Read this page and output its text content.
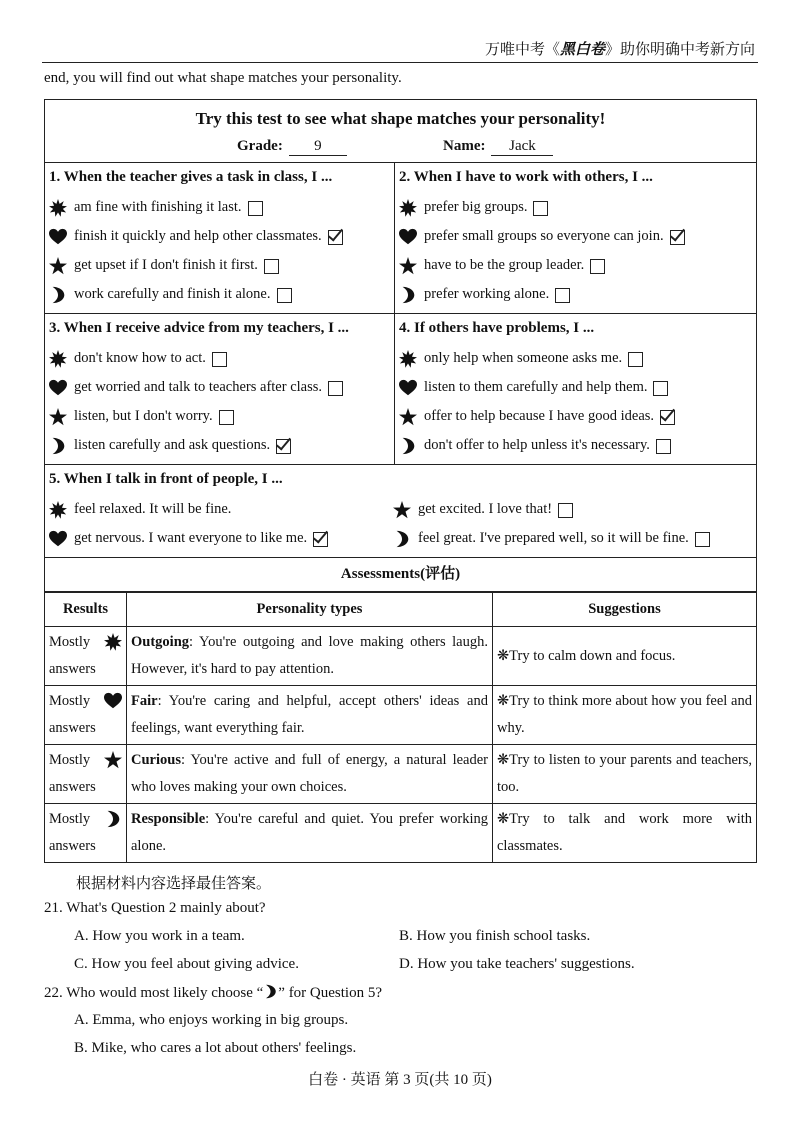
万唯中考《黑白卷》助你明确中考新方向
end, you will find out what shape matches your personality.
Try this test to see what shape matches your personality!
Grade: 9	Name: Jack
1. When the teacher gives a task in class, I ...
am fine with finishing it last.
finish it quickly and help other classmates.
get upset if I don't finish it first.
work carefully and finish it alone.
2. When I have to work with others, I ...
prefer big groups.
prefer small groups so everyone can join.
have to be the group leader.
prefer working alone.
3. When I receive advice from my teachers, I ...
don't know how to act.
get worried and talk to teachers after class.
listen, but I don't worry.
listen carefully and ask questions.
4. If others have problems, I ...
only help when someone asks me.
listen to them carefully and help them.
offer to help because I have good ideas.
don't offer to help unless it's necessary.
5. When I talk in front of people, I ...
feel relaxed. It will be fine.	get excited. I love that!
get nervous. I want everyone to like me.	feel great. I've prepared well, so it will be fine.
Assessments(评估)
Results	Personality types	Suggestions

Mostly
answers	Outgoing: You're outgoing and love making others laugh. However, it's hard to pay attention.	❋Try to calm down and focus.

Mostly
answers	Fair: You're caring and helpful, accept others' ideas and feelings, want everything fair.	❋Try to think more about how you feel and why.

Mostly
answers	Curious: You're active and full of energy, a natural leader who loves making your own choices.	❋Try to listen to your parents and teachers, too.

Mostly
answers	Responsible: You're careful and quiet. You prefer working alone.	❋Try to talk and work more with classmates.
根据材料内容选择最佳答案。
21. What's Question 2 mainly about?
A. How you work in a team.	B. How you finish school tasks.
C. How you feel about giving advice.	D. How you take teachers' suggestions.
22. Who would most likely choose “ ” for Question 5?
A. Emma, who enjoys working in big groups.
B. Mike, who cares a lot about others' feelings.
白卷 · 英语 第 3 页(共 10 页)
